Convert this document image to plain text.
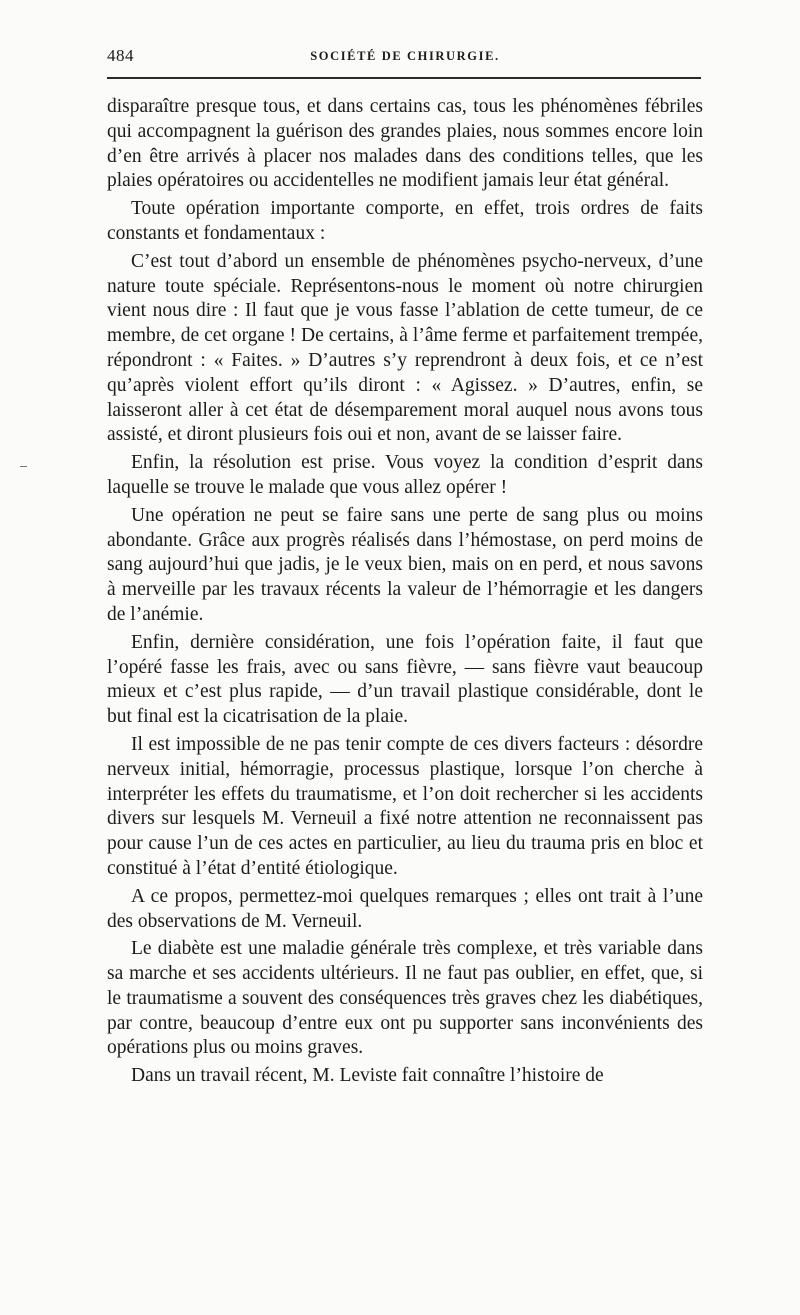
484	SOCIÉTÉ DE CHIRURGIE.

disparaître presque tous, et dans certains cas, tous les phénomènes fébriles qui accompagnent la guérison des grandes plaies, nous sommes encore loin d’en être arrivés à placer nos malades dans des conditions telles, que les plaies opératoires ou accidentelles ne modifient jamais leur état général.

Toute opération importante comporte, en effet, trois ordres de faits constants et fondamentaux :

C’est tout d’abord un ensemble de phénomènes psycho-nerveux, d’une nature toute spéciale. Représentons-nous le moment où notre chirurgien vient nous dire : Il faut que je vous fasse l’ablation de cette tumeur, de ce membre, de cet organe ! De certains, à l’âme ferme et parfaitement trempée, répondront : « Faites. » D’autres s’y reprendront à deux fois, et ce n’est qu’après violent effort qu’ils diront : « Agissez. » D’autres, enfin, se laisseront aller à cet état de désemparement moral auquel nous avons tous assisté, et diront plusieurs fois oui et non, avant de se laisser faire.

Enfin, la résolution est prise. Vous voyez la condition d’esprit dans laquelle se trouve le malade que vous allez opérer !

Une opération ne peut se faire sans une perte de sang plus ou moins abondante. Grâce aux progrès réalisés dans l’hémostase, on perd moins de sang aujourd’hui que jadis, je le veux bien, mais on en perd, et nous savons à merveille par les travaux récents la valeur de l’hémorragie et les dangers de l’anémie.

Enfin, dernière considération, une fois l’opération faite, il faut que l’opéré fasse les frais, avec ou sans fièvre, — sans fièvre vaut beaucoup mieux et c’est plus rapide, — d’un travail plastique considérable, dont le but final est la cicatrisation de la plaie.

Il est impossible de ne pas tenir compte de ces divers facteurs : désordre nerveux initial, hémorragie, processus plastique, lorsque l’on cherche à interpréter les effets du traumatisme, et l’on doit rechercher si les accidents divers sur lesquels M. Verneuil a fixé notre attention ne reconnaissent pas pour cause l’un de ces actes en particulier, au lieu du trauma pris en bloc et constitué à l’état d’entité étiologique.

A ce propos, permettez-moi quelques remarques ; elles ont trait à l’une des observations de M. Verneuil.

Le diabète est une maladie générale très complexe, et très variable dans sa marche et ses accidents ultérieurs. Il ne faut pas oublier, en effet, que, si le traumatisme a souvent des conséquences très graves chez les diabétiques, par contre, beaucoup d’entre eux ont pu supporter sans inconvénients des opérations plus ou moins graves.

Dans un travail récent, M. Leviste fait connaître l’histoire de
